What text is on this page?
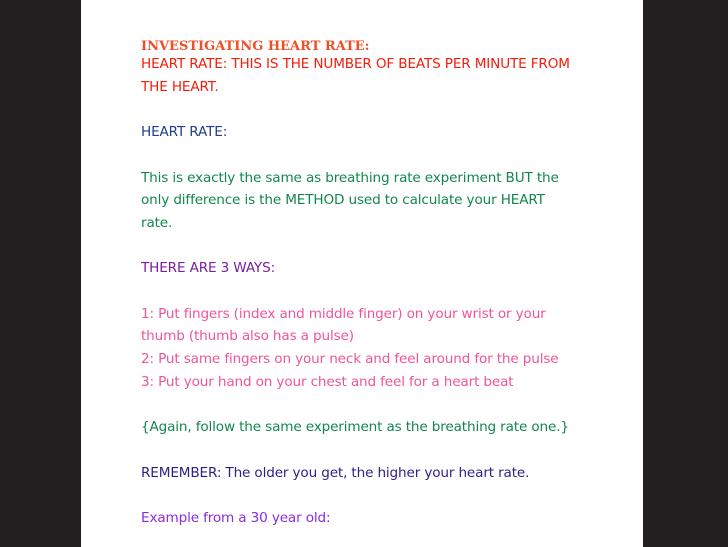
INVESTIGATING HEART RATE:

HEART RATE: THIS IS THE NUMBER OF BEATS PER MINUTE FROM

THE HEART.

HEART RATE:

This is exactly the same as breathing rate experiment BUT the

only difference is the METHOD used to calculate your HEART

rate.

THERE ARE 3 WAYS:

1: Put fingers (index and middle finger) on your wrist or your

thumb (thumb also has a pulse)

2: Put same fingers on your neck and feel around for the pulse

3: Put your hand on your chest and feel for a heart beat

{Again, follow the same experiment as the breathing rate one.}

REMEMBER: The older you get, the higher your heart rate.

Example from a 30 year old:
